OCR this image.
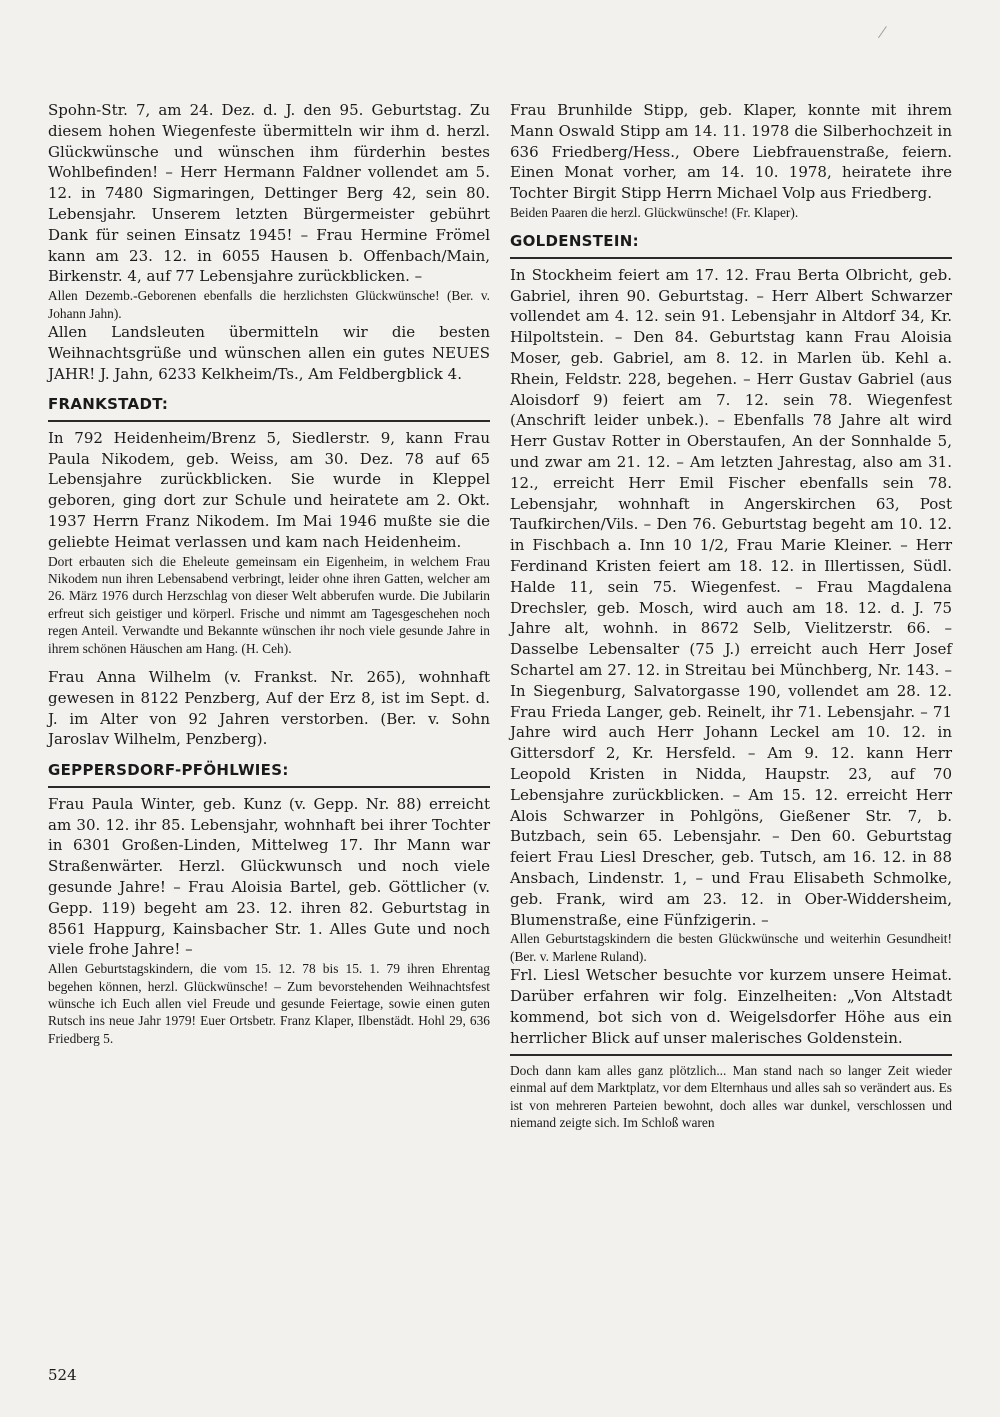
Spohn-Str. 7, am 24. Dez. d. J. den 95. Geburtstag. Zu diesem hohen Wiegenfeste übermitteln wir ihm d. herzl. Glückwünsche und wünschen ihm fürderhin bestes Wohlbefinden! – Herr Hermann Faldner vollendet am 5. 12. in 7480 Sigmaringen, Dettinger Berg 42, sein 80. Lebensjahr. Unserem letzten Bürgermeister gebührt Dank für seinen Einsatz 1945! – Frau Hermine Frömel kann am 23. 12. in 6055 Hausen b. Offenbach/Main, Birkenstr. 4, auf 77 Lebensjahre zurückblicken. –

Allen Dezemb.-Geborenen ebenfalls die herzlichsten Glückwünsche! (Ber. v. Johann Jahn).

Allen Landsleuten übermitteln wir die besten Weihnachtsgrüße und wünschen allen ein gutes NEUES JAHR! J. Jahn, 6233 Kelkheim/Ts., Am Feldbergblick 4.

FRANKSTADT:

In 792 Heidenheim/Brenz 5, Siedlerstr. 9, kann Frau Paula Nikodem, geb. Weiss, am 30. Dez. 78 auf 65 Lebensjahre zurückblicken. Sie wurde in Kleppel geboren, ging dort zur Schule und heiratete am 2. Okt. 1937 Herrn Franz Nikodem. Im Mai 1946 mußte sie die geliebte Heimat verlassen und kam nach Heidenheim.

Dort erbauten sich die Eheleute gemeinsam ein Eigenheim, in welchem Frau Nikodem nun ihren Lebensabend verbringt, leider ohne ihren Gatten, welcher am 26. März 1976 durch Herzschlag von dieser Welt abberufen wurde. Die Jubilarin erfreut sich geistiger und körperl. Frische und nimmt am Tagesgeschehen noch regen Anteil. Verwandte und Bekannte wünschen ihr noch viele gesunde Jahre in ihrem schönen Häuschen am Hang. (H. Ceh).

Frau Anna Wilhelm (v. Frankst. Nr. 265), wohnhaft gewesen in 8122 Penzberg, Auf der Erz 8, ist im Sept. d. J. im Alter von 92 Jahren verstorben. (Ber. v. Sohn Jaroslav Wilhelm, Penzberg).

GEPPERSDORF-PFÖHLWIES:

Frau Paula Winter, geb. Kunz (v. Gepp. Nr. 88) erreicht am 30. 12. ihr 85. Lebensjahr, wohnhaft bei ihrer Tochter in 6301 Großen-Linden, Mittelweg 17. Ihr Mann war Straßenwärter. Herzl. Glückwunsch und noch viele gesunde Jahre! – Frau Aloisia Bartel, geb. Göttlicher (v. Gepp. 119) begeht am 23. 12. ihren 82. Geburtstag in 8561 Happurg, Kainsbacher Str. 1. Alles Gute und noch viele frohe Jahre! –

Allen Geburtstagskindern, die vom 15. 12. 78 bis 15. 1. 79 ihren Ehrentag begehen können, herzl. Glückwünsche! – Zum bevorstehenden Weihnachtsfest wünsche ich Euch allen viel Freude und gesunde Feiertage, sowie einen guten Rutsch ins neue Jahr 1979! Euer Ortsbetr. Franz Klaper, Ilbenstädt. Hohl 29, 636 Friedberg 5.

Frau Brunhilde Stipp, geb. Klaper, konnte mit ihrem Mann Oswald Stipp am 14. 11. 1978 die Silberhochzeit in 636 Friedberg/Hess., Obere Liebfrauenstraße, feiern. Einen Monat vorher, am 14. 10. 1978, heiratete ihre Tochter Birgit Stipp Herrn Michael Volp aus Friedberg.

Beiden Paaren die herzl. Glückwünsche! (Fr. Klaper).

GOLDENSTEIN:

In Stockheim feiert am 17. 12. Frau Berta Olbricht, geb. Gabriel, ihren 90. Geburtstag. – Herr Albert Schwarzer vollendet am 4. 12. sein 91. Lebensjahr in Altdorf 34, Kr. Hilpoltstein. – Den 84. Geburtstag kann Frau Aloisia Moser, geb. Gabriel, am 8. 12. in Marlen üb. Kehl a. Rhein, Feldstr. 228, begehen. – Herr Gustav Gabriel (aus Aloisdorf 9) feiert am 7. 12. sein 78. Wiegenfest (Anschrift leider unbek.). – Ebenfalls 78 Jahre alt wird Herr Gustav Rotter in Oberstaufen, An der Sonnhalde 5, und zwar am 21. 12. – Am letzten Jahrestag, also am 31. 12., erreicht Herr Emil Fischer ebenfalls sein 78. Lebensjahr, wohnhaft in Angerskirchen 63, Post Taufkirchen/Vils. – Den 76. Geburtstag begeht am 10. 12. in Fischbach a. Inn 10 1/2, Frau Marie Kleiner. – Herr Ferdinand Kristen feiert am 18. 12. in Illertissen, Südl. Halde 11, sein 75. Wiegenfest. – Frau Magdalena Drechsler, geb. Mosch, wird auch am 18. 12. d. J. 75 Jahre alt, wohnh. in 8672 Selb, Vielitzerstr. 66. – Dasselbe Lebensalter (75 J.) erreicht auch Herr Josef Schartel am 27. 12. in Streitau bei Münchberg, Nr. 143. – In Siegenburg, Salvatorgasse 190, vollendet am 28. 12. Frau Frieda Langer, geb. Reinelt, ihr 71. Lebensjahr. – 71 Jahre wird auch Herr Johann Leckel am 10. 12. in Gittersdorf 2, Kr. Hersfeld. – Am 9. 12. kann Herr Leopold Kristen in Nidda, Haupstr. 23, auf 70 Lebensjahre zurückblicken. – Am 15. 12. erreicht Herr Alois Schwarzer in Pohlgöns, Gießener Str. 7, b. Butzbach, sein 65. Lebensjahr. – Den 60. Geburtstag feiert Frau Liesl Drescher, geb. Tutsch, am 16. 12. in 88 Ansbach, Lindenstr. 1, – und Frau Elisabeth Schmolke, geb. Frank, wird am 23. 12. in Ober-Widdersheim, Blumenstraße, eine Fünfzigerin. –

Allen Geburtstagskindern die besten Glückwünsche und weiterhin Gesundheit! (Ber. v. Marlene Ruland).

Frl. Liesl Wetscher besuchte vor kurzem unsere Heimat. Darüber erfahren wir folg. Einzelheiten: „Von Altstadt kommend, bot sich von d. Weigelsdorfer Höhe aus ein herrlicher Blick auf unser malerisches Goldenstein.

Doch dann kam alles ganz plötzlich... Man stand nach so langer Zeit wieder einmal auf dem Marktplatz, vor dem Elternhaus und alles sah so verändert aus. Es ist von mehreren Parteien bewohnt, doch alles war dunkel, verschlossen und niemand zeigte sich. Im Schloß waren

524
